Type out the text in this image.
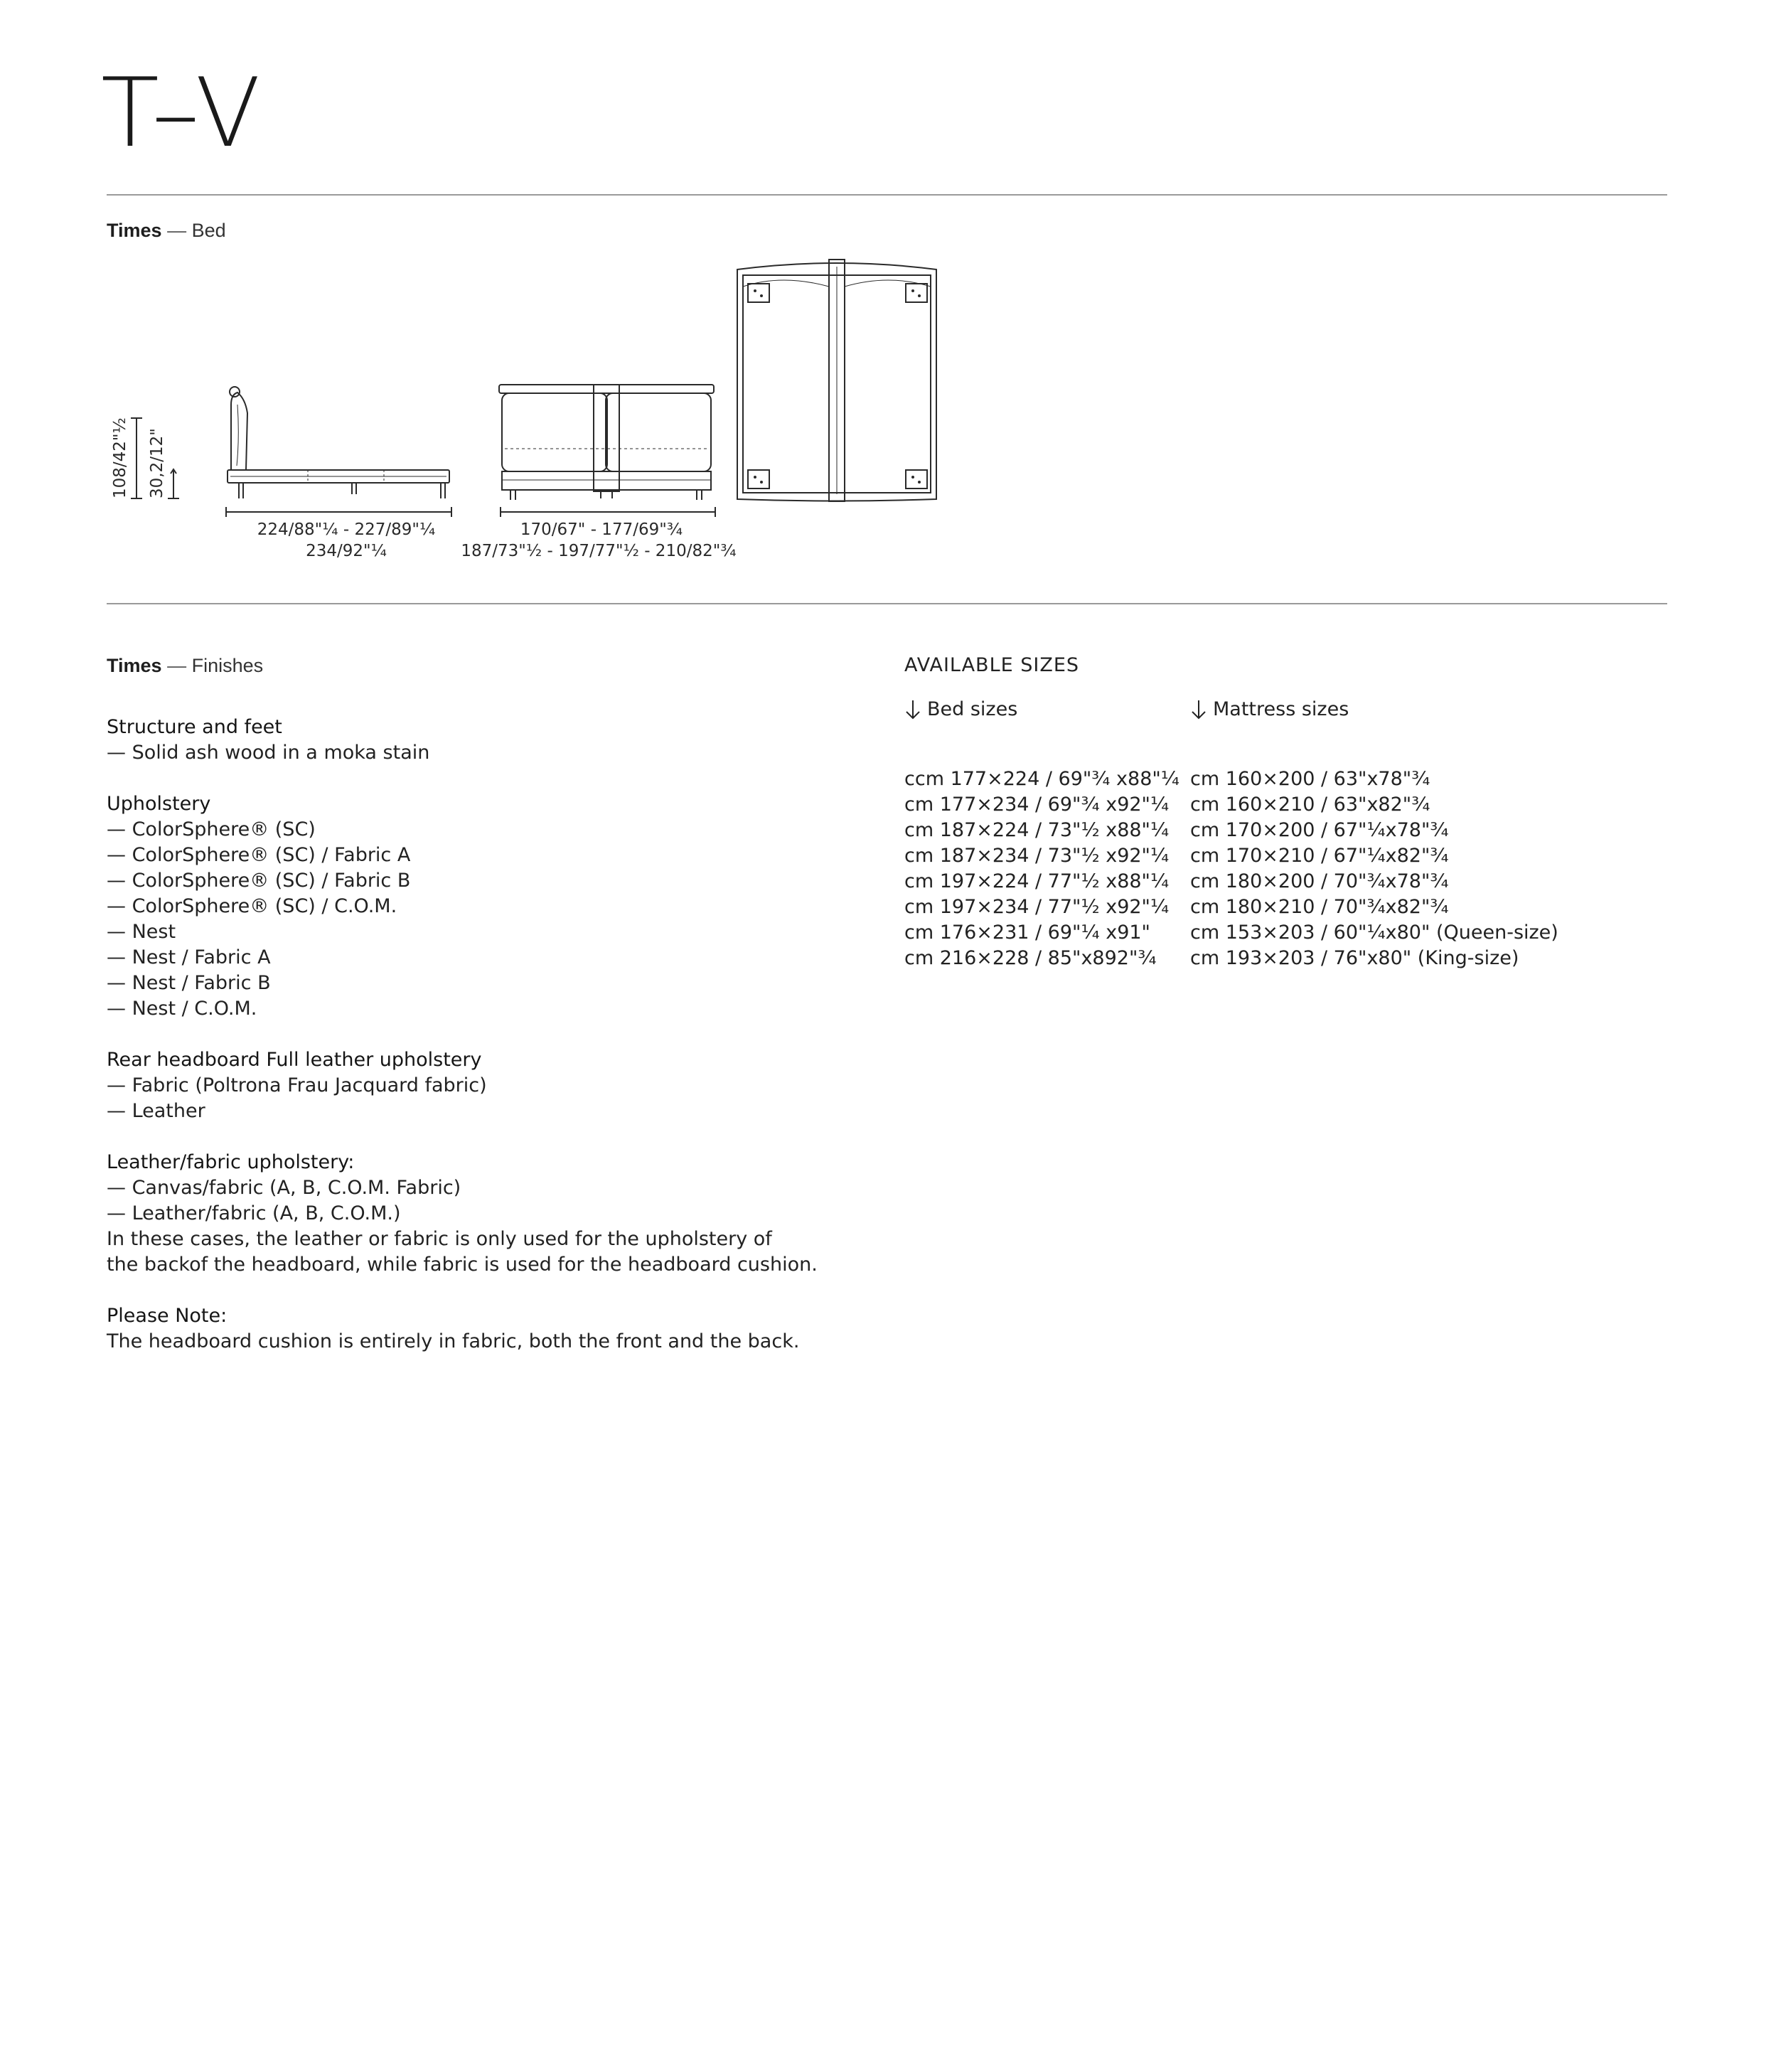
T–V

Times — Bed

108/42"½ 30,2/12"
224/88"¼ - 227/89"¼
234/92"¼
170/67" - 177/69"¾
187/73"½ - 197/77"½ - 210/82"¾

Times — Finishes

Structure and feet
— Solid ash wood in a moka stain
Upholstery
— ColorSphere® (SC)
— ColorSphere® (SC) / Fabric A
— ColorSphere® (SC) / Fabric B
— ColorSphere® (SC) / C.O.M.
— Nest
— Nest / Fabric A
— Nest / Fabric B
— Nest / C.O.M.
Rear headboard Full leather upholstery
— Fabric (Poltrona Frau Jacquard fabric)
— Leather
Leather/fabric upholstery:
— Canvas/fabric (A, B, C.O.M. Fabric)
— Leather/fabric (A, B, C.O.M.)
In these cases, the leather or fabric is only used for the upholstery of
the backof the headboard, while fabric is used for the headboard cushion.
Please Note:
The headboard cushion is entirely in fabric, both the front and the back.
AVAILABLE SIZES
Bed sizes
ccm 177×224 / 69"¾ x88"¼
cm 177×234 / 69"¾ x92"¼
cm 187×224 / 73"½ x88"¼
cm 187×234 / 73"½ x92"¼
cm 197×224 / 77"½ x88"¼
cm 197×234 / 77"½ x92"¼
cm 176×231 / 69"¼ x91"
cm 216×228 / 85"x892"¾
Mattress sizes
cm 160×200 / 63"x78"¾
cm 160×210 / 63"x82"¾
cm 170×200 / 67"¼x78"¾
cm 170×210 / 67"¼x82"¾
cm 180×200 / 70"¾x78"¾
cm 180×210 / 70"¾x82"¾
cm 153×203 / 60"¼x80" (Queen-size)
cm 193×203 / 76"x80" (King-size)
